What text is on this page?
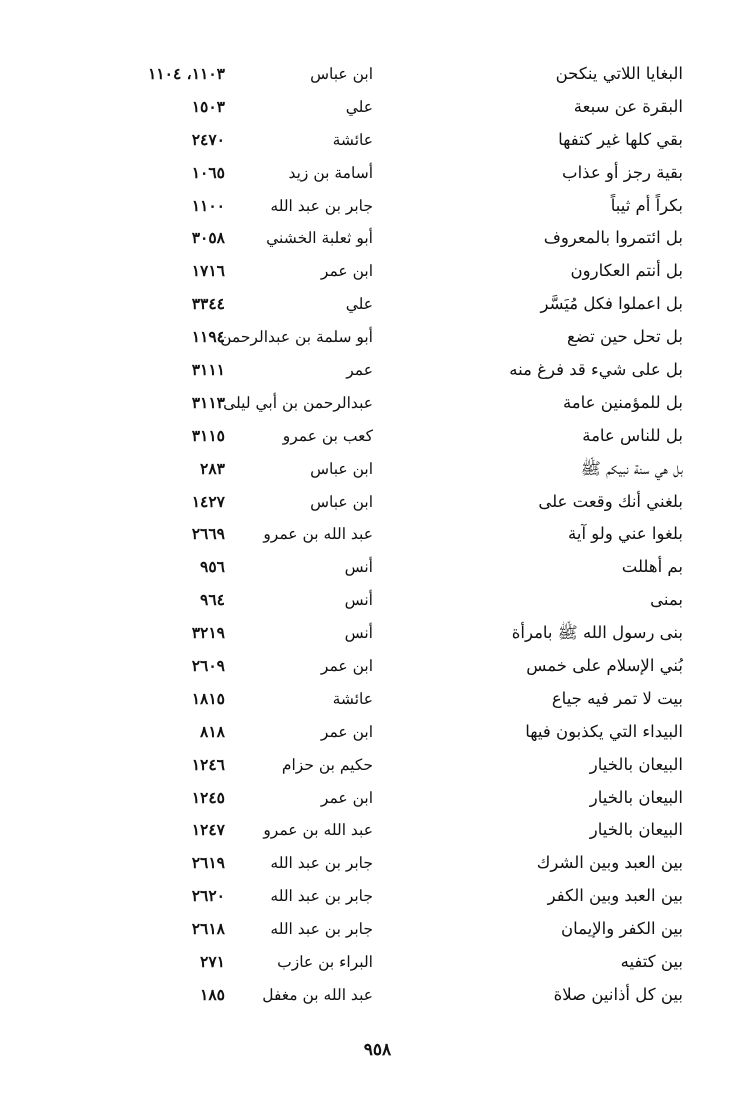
البغايا اللاتي ينكحن
ابن عباس
١١٠٣، ١١٠٤
البقرة عن سبعة
علي
١٥٠٣
بقي كلها غير كتفها
عائشة
٢٤٧٠
بقية رجز أو عذاب
أسامة بن زيد
١٠٦٥
بكراً أم ثيباً
جابر بن عبد الله
١١٠٠
بل ائتمروا بالمعروف
أبو ثعلبة الخشني
٣٠٥٨
بل أنتم العكارون
ابن عمر
١٧١٦
بل اعملوا فكل مُيَسَّر
علي
٣٣٤٤
بل تحل حين تضع
أبو سلمة بن عبدالرحمن
١١٩٤
بل على شيء قد فرغ منه
عمر
٣١١١
بل للمؤمنين عامة
عبدالرحمن بن أبي ليلى
٣١١٣
بل للناس عامة
كعب بن عمرو
٣١١٥
بل هي سنة نبيكم ﷺ
ابن عباس
٢٨٣
بلغني أنك وقعت على
ابن عباس
١٤٢٧
بلغوا عني ولو آية
عبد الله بن عمرو
٢٦٦٩
بم أهللت
أنس
٩٥٦
بمنى
أنس
٩٦٤
بنى رسول الله ﷺ بامرأة
أنس
٣٢١٩
بُني الإسلام على خمس
ابن عمر
٢٦٠٩
بيت لا تمر فيه جياع
عائشة
١٨١٥
البيداء التي يكذبون فيها
ابن عمر
٨١٨
البيعان بالخيار
حكيم بن حزام
١٢٤٦
البيعان بالخيار
ابن عمر
١٢٤٥
البيعان بالخيار
عبد الله بن عمرو
١٢٤٧
بين العبد وبين الشرك
جابر بن عبد الله
٢٦١٩
بين العبد وبين الكفر
جابر بن عبد الله
٢٦٢٠
بين الكفر والإيمان
جابر بن عبد الله
٢٦١٨
بين كتفيه
البراء بن عازب
٢٧١
بين كل أذانين صلاة
عبد الله بن مغفل
١٨٥
٩٥٨
